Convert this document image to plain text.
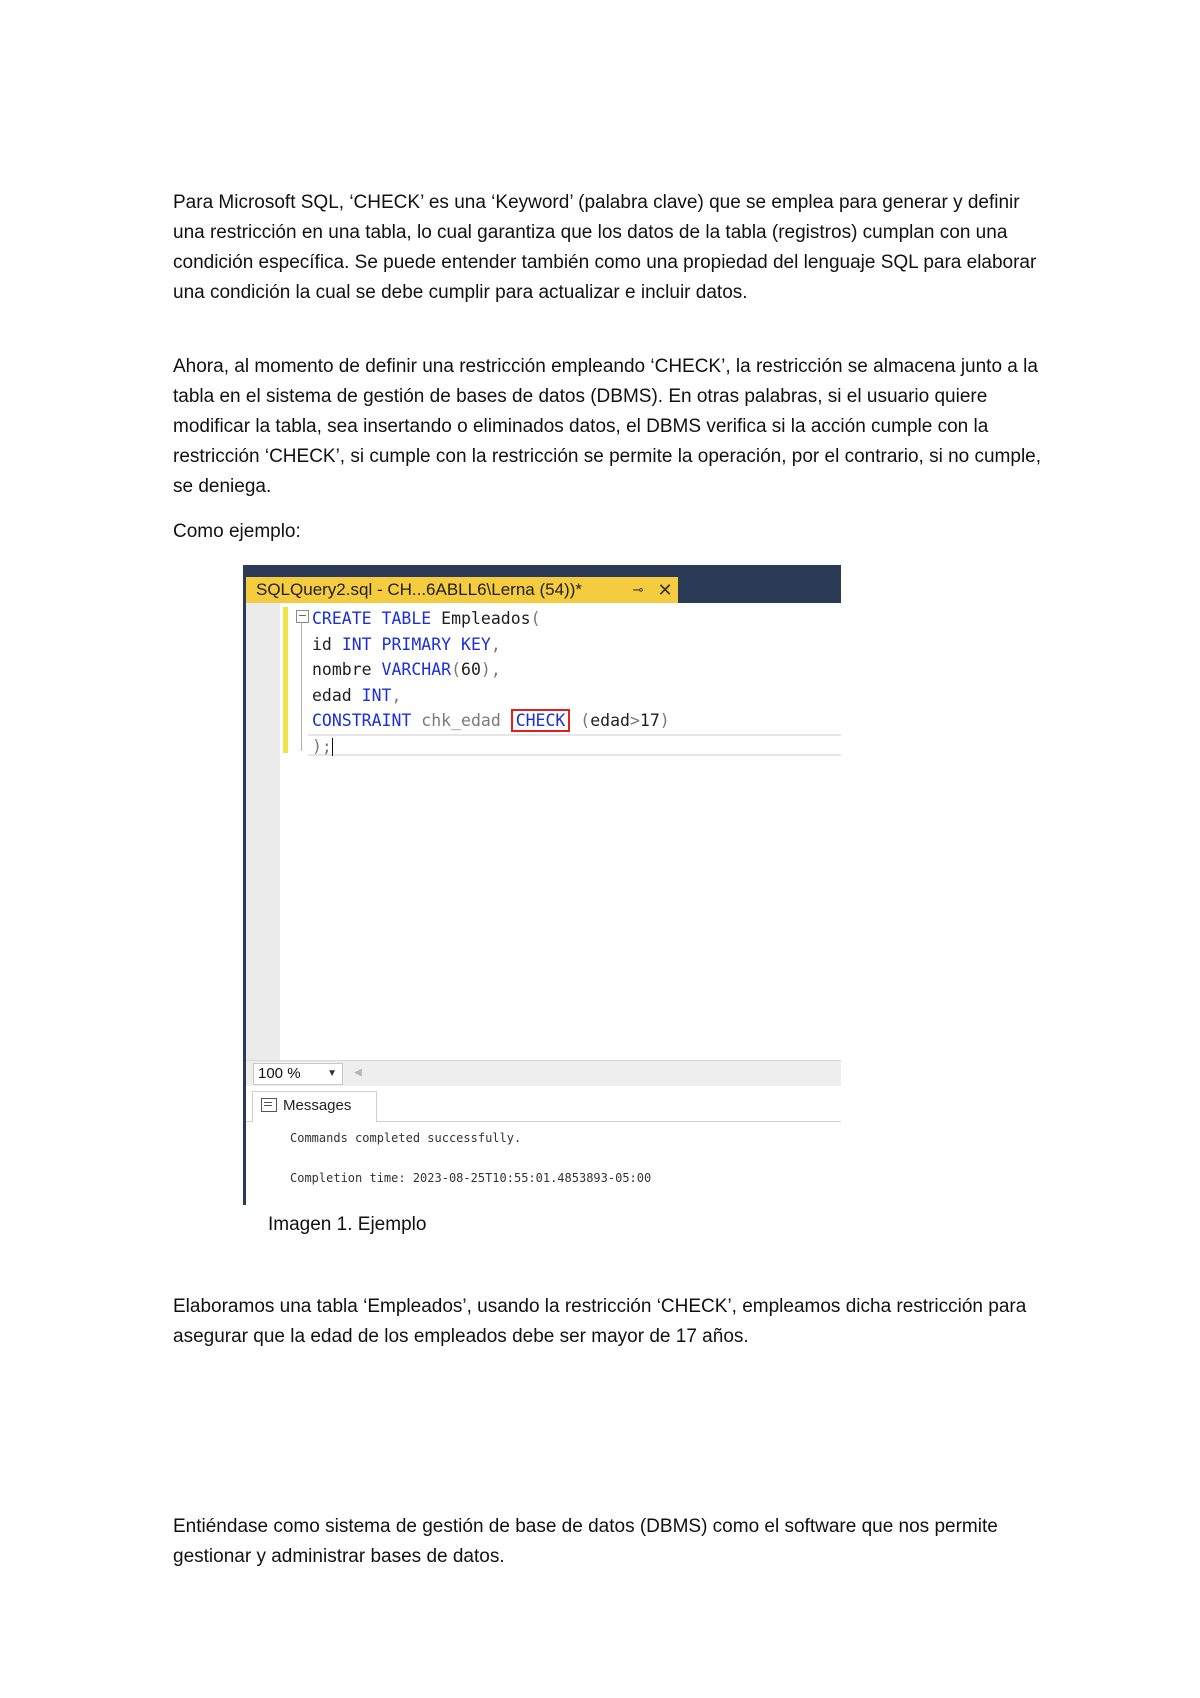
Para Microsoft SQL, ‘CHECK’ es una ‘Keyword’ (palabra clave) que se emplea para generar y definir una restricción en una tabla, lo cual garantiza que los datos de la tabla (registros) cumplan con una condición específica. Se puede entender también como una propiedad del lenguaje SQL para elaborar una condición la cual se debe cumplir para actualizar e incluir datos.

Ahora, al momento de definir una restricción empleando ‘CHECK’, la restricción se almacena junto a la tabla en el sistema de gestión de bases de datos (DBMS). En otras palabras, si el usuario quiere modificar la tabla, sea insertando o eliminados datos, el DBMS verifica si la acción cumple con la restricción ‘CHECK’, si cumple con la restricción se permite la operación, por el contrario, si no cumple, se deniega.

Como ejemplo:

SQLQuery2.sql - CH...6ABLL6\Lerna (54))*	⊸ ✕
− CREATE TABLE Empleados(
id INT PRIMARY KEY,
nombre VARCHAR(60),
edad INT,
CONSTRAINT chk_edad CHECK (edad>17)
);
100 %	▼ ◀
Messages
Commands completed successfully.
Completion time: 2023-08-25T10:55:01.4853893-05:00

Imagen 1. Ejemplo

Elaboramos una tabla ‘Empleados’, usando la restricción ‘CHECK’, empleamos dicha restricción para asegurar que la edad de los empleados debe ser mayor de 17 años.

Entiéndase como sistema de gestión de base de datos (DBMS) como el software que nos permite gestionar y administrar bases de datos.
